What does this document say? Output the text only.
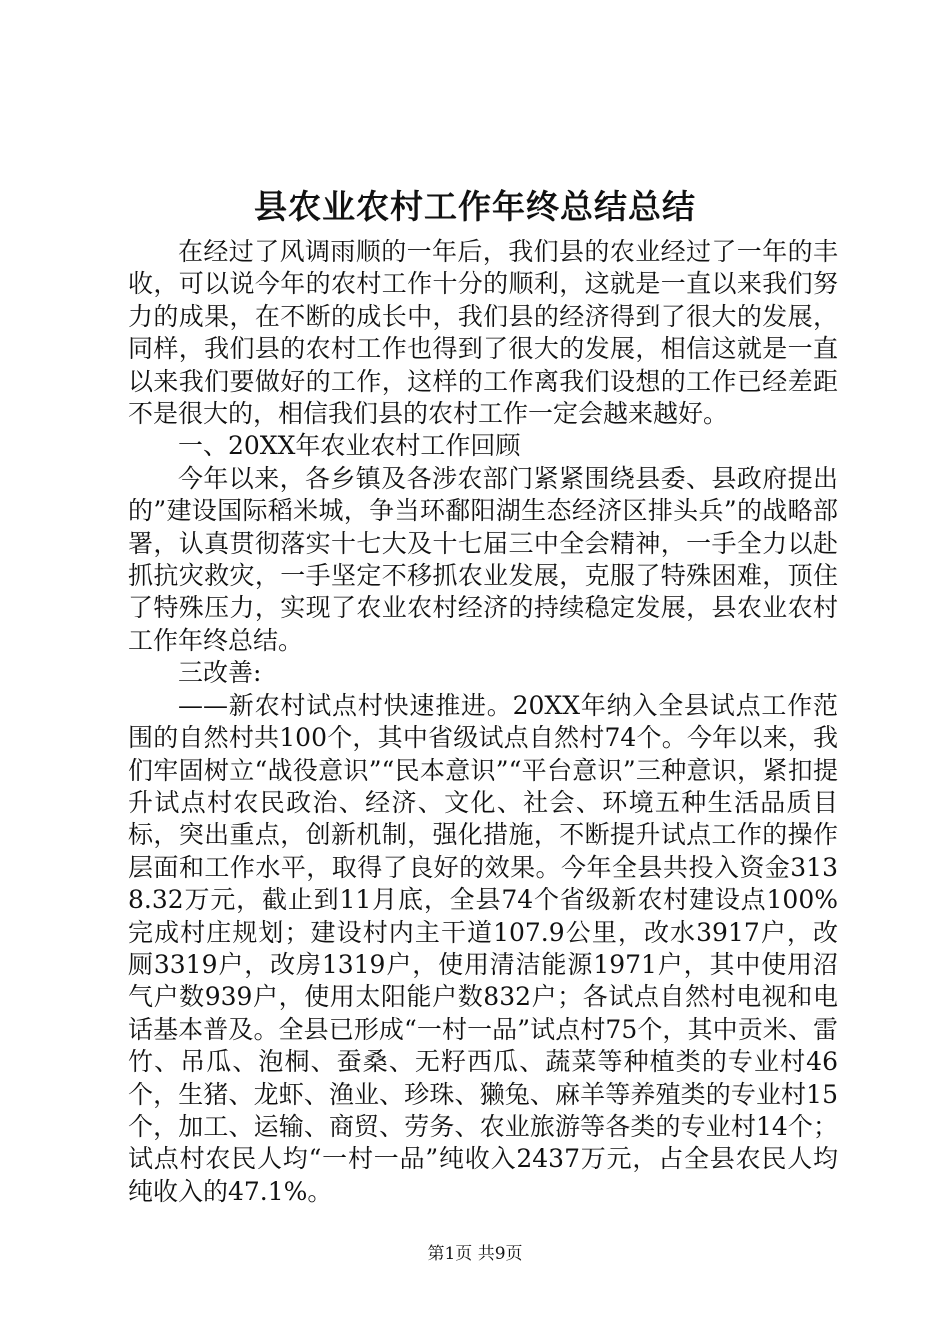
县农业农村工作年终总结总结

在经过了风调雨顺的一年后，我们县的农业经过了一年的丰收，可以说今年的农村工作十分的顺利，这就是一直以来我们努力的成果，在不断的成长中，我们县的经济得到了很大的发展，同样，我们县的农村工作也得到了很大的发展，相信这就是一直以来我们要做好的工作，这样的工作离我们设想的工作已经差距不是很大的，相信我们县的农村工作一定会越来越好。

一、20XX年农业农村工作回顾

今年以来，各乡镇及各涉农部门紧紧围绕县委、县政府提出的”建设国际稻米城，争当环鄱阳湖生态经济区排头兵”的战略部署，认真贯彻落实十七大及十七届三中全会精神，一手全力以赴抓抗灾救灾，一手坚定不移抓农业发展，克服了特殊困难，顶住了特殊压力，实现了农业农村经济的持续稳定发展，县农业农村工作年终总结。

三改善:

——新农村试点村快速推进。20XX年纳入全县试点工作范围的自然村共100个，其中省级试点自然村74个。今年以来，我们牢固树立“战役意识”“民本意识”“平台意识”三种意识，紧扣提升试点村农民政治、经济、文化、社会、环境五种生活品质目标，突出重点，创新机制，强化措施，不断提升试点工作的操作层面和工作水平，取得了良好的效果。今年全县共投入资金3138.32万元，截止到11月底，全县74个省级新农村建设点100%完成村庄规划；建设村内主干道107.9公里，改水3917户，改厕3319户，改房1319户，使用清洁能源1971户，其中使用沼气户数939户，使用太阳能户数832户；各试点自然村电视和电话基本普及。全县已形成“一村一品”试点村75个，其中贡米、雷竹、吊瓜、泡桐、蚕桑、无籽西瓜、蔬菜等种植类的专业村46个，生猪、龙虾、渔业、珍珠、獭兔、麻羊等养殖类的专业村15个，加工、运输、商贸、劳务、农业旅游等各类的专业村14个；试点村农民人均“一村一品”纯收入2437万元，占全县农民人均纯收入的47.1%。

第1页 共9页
